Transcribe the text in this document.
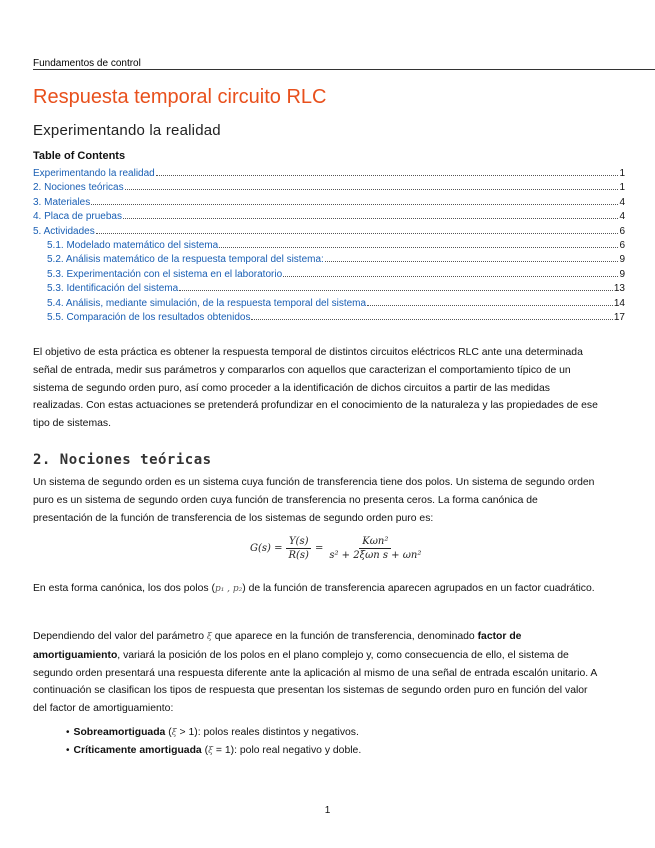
Fundamentos de control
Respuesta temporal circuito RLC
Experimentando la realidad
Table of Contents
Experimentando la realidad	1
2. Nociones teóricas	1
3. Materiales	4
4. Placa de pruebas	4
5. Actividades	6
5.1. Modelado matemático del sistema	6
5.2. Análisis matemático de la respuesta temporal del sistema:	9
5.3. Experimentación con el sistema en el laboratorio	9
5.3. Identificación del sistema	13
5.4. Análisis, mediante simulación, de la respuesta temporal del sistema	14
5.5. Comparación de los resultados obtenidos	17

El objetivo de esta práctica es obtener la respuesta temporal de distintos circuitos eléctricos RLC ante una determinada señal de entrada, medir sus parámetros y compararlos con aquellos que caracterizan el comportamiento típico de un sistema de segundo orden puro, así como proceder a la identificación de dichos circuitos a partir de las medidas realizadas. Con estas actuaciones se pretenderá profundizar en el conocimiento de la naturaleza y las propiedades de ese tipo de sistemas.

2. Nociones teóricas

Un sistema de segundo orden es un sistema cuya función de transferencia tiene dos polos. Un sistema de segundo orden puro es un sistema de segundo orden cuya función de transferencia no presenta ceros. La forma canónica de presentación de la función de transferencia de los sistemas de segundo orden puro es:

$G(s) = \frac{Y(s)}{R(s)} = \frac{\text{Kωn²}}{\text{s² + 2ξωn s + ωn²}}$

En esta forma canónica, los dos polos (p₁ , p₂) de la función de transferencia aparecen agrupados en un factor cuadrático.

Dependiendo del valor del parámetro ξ que aparece en la función de transferencia, denominado factor de amortiguamiento, variará la posición de los polos en el plano complejo y, como consecuencia de ello, el sistema de segundo orden presentará una respuesta diferente ante la aplicación al mismo de una señal de entrada escalón unitario. A continuación se clasifican los tipos de respuesta que presentan los sistemas de segundo orden puro en función del valor del factor de amortiguamiento:

• Sobreamortiguada (ξ > 1): polos reales distintos y negativos.
• Críticamente amortiguada (ξ = 1): polo real negativo y doble.
1
